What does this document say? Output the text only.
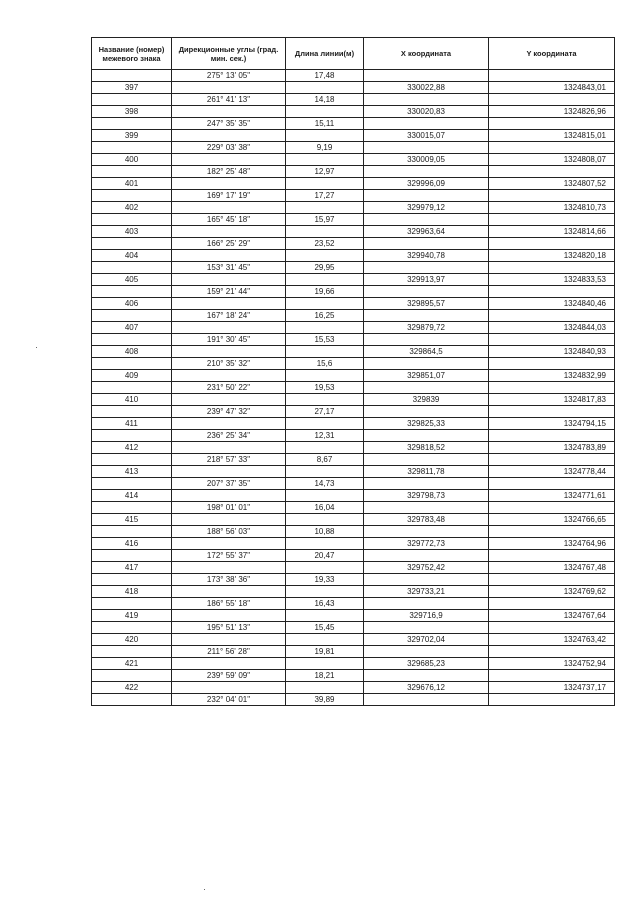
Название (номер) межевого знака	Дирекционные углы (град. мин. сек.)	Длина линии(м)	X координата	Y координата
	275° 13' 05"	17,48		
397			330022,88	1324843,01
	261° 41' 13"	14,18		
398			330020,83	1324826,96
	247° 35' 35"	15,11		
399			330015,07	1324815,01
	229° 03' 38"	9,19		
400			330009,05	1324808,07
	182° 25' 48"	12,97		
401			329996,09	1324807,52
	169° 17' 19"	17,27		
402			329979,12	1324810,73
	165° 45' 18"	15,97		
403			329963,64	1324814,66
	166° 25' 29"	23,52		
404			329940,78	1324820,18
	153° 31' 45"	29,95		
405			329913,97	1324833,53
	159° 21' 44"	19,66		
406			329895,57	1324840,46
	167° 18' 24"	16,25		
407			329879,72	1324844,03
	191° 30' 45"	15,53		
408			329864,5	1324840,93
	210° 35' 32"	15,6		
409			329851,07	1324832,99
	231° 50' 22"	19,53		
410			329839	1324817,83
	239° 47' 32"	27,17		
411			329825,33	1324794,15
	236° 25' 34"	12,31		
412			329818,52	1324783,89
	218° 57' 33"	8,67		
413			329811,78	1324778,44
	207° 37' 35"	14,73		
414			329798,73	1324771,61
	198° 01' 01"	16,04		
415			329783,48	1324766,65
	188° 56' 03"	10,88		
416			329772,73	1324764,96
	172° 55' 37"	20,47		
417			329752,42	1324767,48
	173° 38' 36"	19,33		
418			329733,21	1324769,62
	186° 55' 18"	16,43		
419			329716,9	1324767,64
	195° 51' 13"	15,45		
420			329702,04	1324763,42
	211° 56' 28"	19,81		
421			329685,23	1324752,94
	239° 59' 09"	18,21		
422			329676,12	1324737,17
	232° 04' 01"	39,89		
